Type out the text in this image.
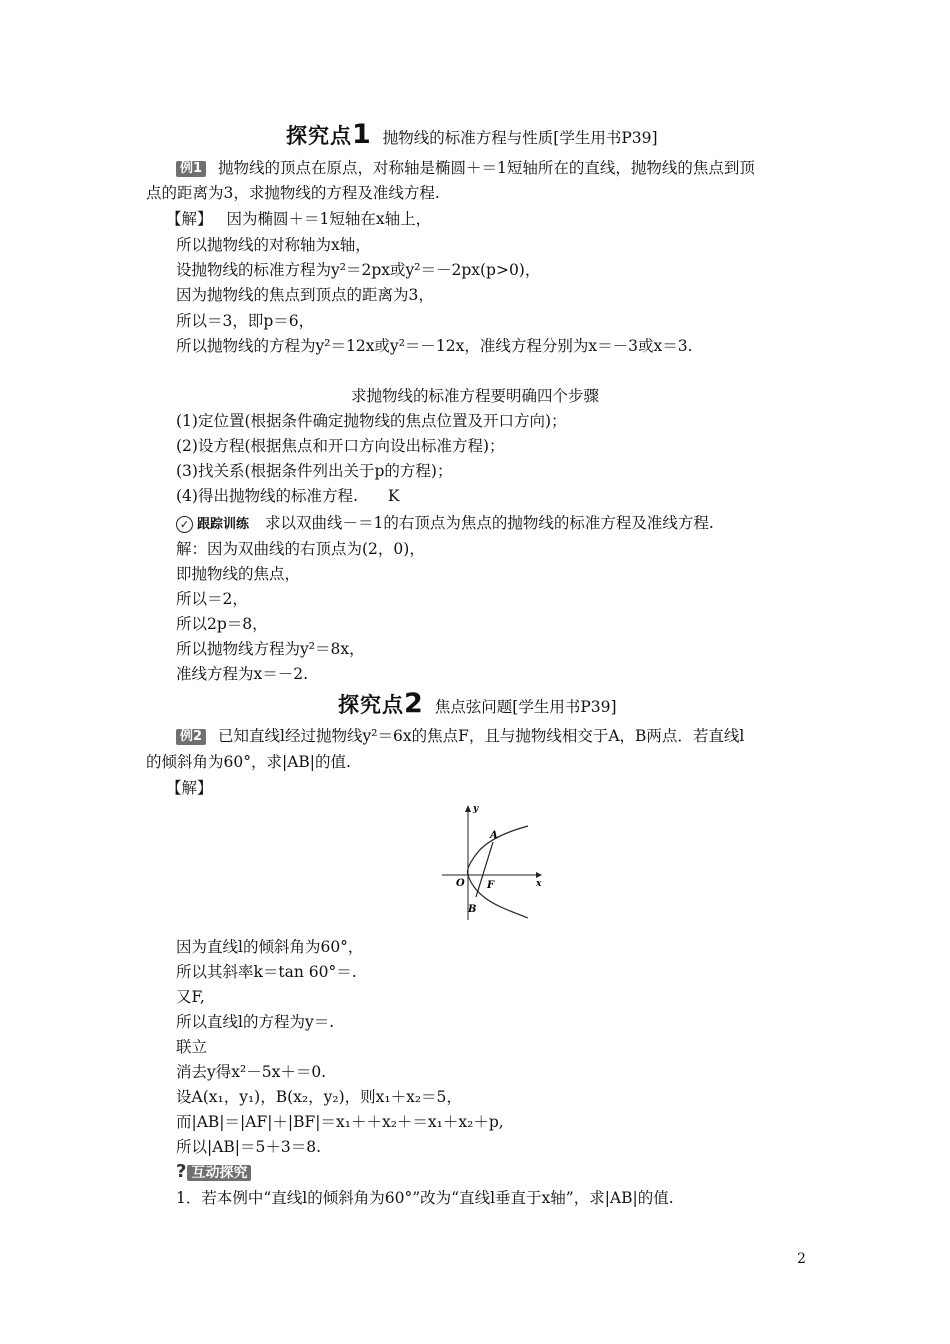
探究点1 抛物线的标准方程与性质[学生用书P39]
例1 抛物线的顶点在原点，对称轴是椭圆＋＝1短轴所在的直线，抛物线的焦点到顶
点的距离为3，求抛物线的方程及准线方程.
【解】 因为椭圆＋＝1短轴在x轴上，
所以抛物线的对称轴为x轴，
设抛物线的标准方程为y²＝2px或y²＝－2px(p>0)，
因为抛物线的焦点到顶点的距离为3，
所以＝3，即p＝6，
所以抛物线的方程为y²＝12x或y²＝－12x，准线方程分别为x＝－3或x＝3.
求抛物线的标准方程要明确四个步骤
(1)定位置(根据条件确定抛物线的焦点位置及开口方向)；
(2)设方程(根据焦点和开口方向设出标准方程)；
(3)找关系(根据条件列出关于p的方程)；
(4)得出抛物线的标准方程. K
✓ 跟踪训练 求以双曲线－＝1的右顶点为焦点的抛物线的标准方程及准线方程.
解：因为双曲线的右顶点为(2，0)，
即抛物线的焦点，
所以＝2，
所以2p＝8，
所以抛物线方程为y²＝8x，
准线方程为x＝－2.
探究点2 焦点弦问题[学生用书P39]
例2 已知直线l经过抛物线y²＝6x的焦点F，且与抛物线相交于A，B两点．若直线l
的倾斜角为60°，求|AB|的值.
【解】
y
x
O
A
B
F
因为直线l的倾斜角为60°，
所以其斜率k＝tan 60°＝.
又F,
所以直线l的方程为y＝.
联立
消去y得x²－5x＋＝0.
设A(x₁，y₁)，B(x₂，y₂)，则x₁＋x₂＝5，
而|AB|＝|AF|＋|BF|＝x₁＋＋x₂＋＝x₁＋x₂＋p,
所以|AB|＝5＋3＝8.
? 互动探究
1．若本例中“直线l的倾斜角为60°”改为“直线l垂直于x轴”，求|AB|的值.
2
